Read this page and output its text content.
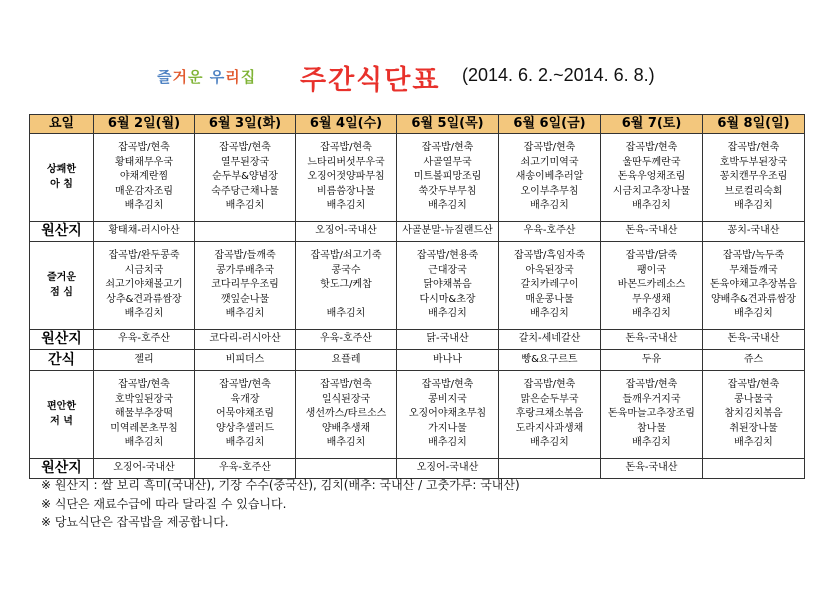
즐거운 우리집 주간식단표 (2014. 6. 2.~2014. 6. 8.)
요일	6월 2일(월)	6월 3일(화)	6월 4일(수)	6월 5일(목)	6월 6일(금)	6월 7(토)	6월 8일(일)

상쾌한
아 침	잡곡밥/현축
황태채무우국
야채계란찜
매운감자조림
배추김치	잡곡밥/현축
열무된장국
순두부&양념장
숙주당근채나물
배추김치	잡곡밥/현축
느타리버섯무우국
오징어젓양파무침
비름씀장나물
배추김치	잡곡밥/현축
사골열무국
미트볼피망조림
쑥갓두부무침
배추김치	잡곡밥/현축
쇠고기미역국
새송이베추러알
오이부추무침
배추김치	잡곡밥/현축
울딴두께란국
돈육우엉채조림
시금치고추장나물
배추김치	잡곡밥/현축
호박두부된장국
꽁치캔무우조림
브로컬리숙회
배추김치

원산지	황태채-러시아산		오징어-국내산	사골분말-뉴질랜드산	우육-호주산	돈육-국내산	꽁치-국내산

즐거운
점 심	잡곡밥/완두콩죽
시금치국
쇠고기야채볼고기
상추&견과류쌈장
배추김치	잡곡밥/들깨죽
콩가루배추국
코다리무우조림
깻잎순나물
배추김치	잡곡밥/쇠고기죽
콩국수
핫도그/케찹

배추김치	잡곡밥/현용죽
근대장국
닭야채볶음
다시마&초장
배추김치	잡곡밥/흑임자죽
아욱된장국
갈치카레구이
매운콩나물
배추김치	잡곡밥/닭죽
팽이국
바몬드카레소스
무우생채
배추김치	잡곡밥/녹두죽
무채들깨국
돈육야채고추장볶음
양배추&견과류쌈장
배추김치

원산지	우육-호주산	코다리-러시아산	우육-호주산	닭-국내산	갈치-세네갈산	돈육-국내산	돈육-국내산
간식	젤리	비피더스	요플레	바나나	빵&요구르트	두유	쥬스

편안한
저 녁	잡곡밥/현축
호박잎된장국
해물부추장떡
미역레몬초무침
배추김치	잡곡밥/현축
육개장
어묵야채조림
양상추샐러드
배추김치	잡곡밥/현축
일식된장국
생선까스/타르소스
양배추생채
배추김치	잡곡밥/현축
콩비지국
오징어야채초무침
가지나물
배추김치	잡곡밥/현축
맑은순두부국
후랑크채소볶음
도라지사과생채
배추김치	잡곡밥/현축
들깨우거지국
돈육마늘고추장조림
참나물
배추김치	잡곡밥/현축
콩나물국
참치김치볶음
취된장나물
배추김치

원산지	오징어-국내산	우육-호주산		오징어-국내산		돈육-국내산	
※ 원산지 : 쌀 보리 흑미(국내산), 기장 수수(중국산), 김치(배추: 국내산 / 고춧가루: 국내산)
※ 식단은 재료수급에 따라 달라질 수 있습니다.
※ 당뇨식단은 잡곡밥을 제공합니다.
